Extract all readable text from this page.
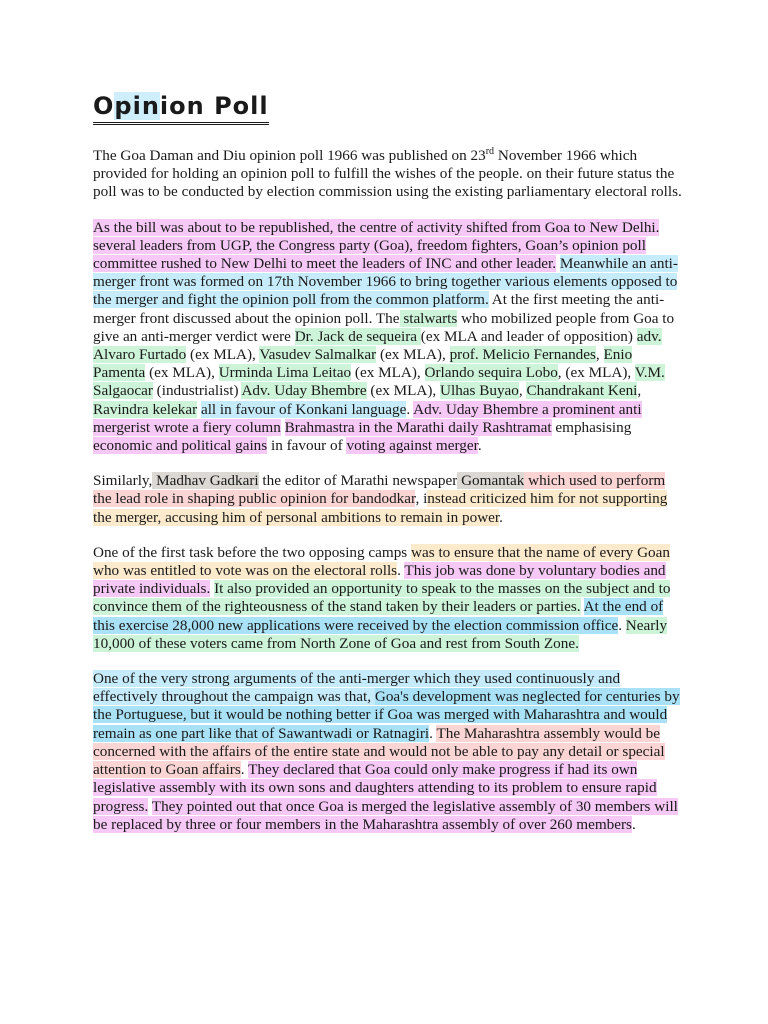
Opinion Poll

The Goa Daman and Diu opinion poll 1966 was published on 23rd November 1966 which provided for holding an opinion poll to fulfill the wishes of the people. on their future status the poll was to be conducted by election commission using the existing parliamentary electoral rolls.

As the bill was about to be republished, the centre of activity shifted from Goa to New Delhi. several leaders from UGP, the Congress party (Goa), freedom fighters, Goan’s opinion poll committee rushed to New Delhi to meet the leaders of INC and other leader. Meanwhile an anti-merger front was formed on 17th November 1966 to bring together various elements opposed to the merger and fight the opinion poll from the common platform. At the first meeting the anti-merger front discussed about the opinion poll. The stalwarts who mobilized people from Goa to give an anti-merger verdict were Dr. Jack de sequeira (ex MLA and leader of opposition) adv. Alvaro Furtado (ex MLA), Vasudev Salmalkar (ex MLA), prof. Melicio Fernandes, Enio Pamenta (ex MLA), Urminda Lima Leitao (ex MLA), Orlando sequira Lobo, (ex MLA), V.M. Salgaocar (industrialist) Adv. Uday Bhembre (ex MLA), Ulhas Buyao, Chandrakant Keni, Ravindra kelekar all in favour of Konkani language. Adv. Uday Bhembre a prominent anti mergerist wrote a fiery column Brahmastra in the Marathi daily Rashtramat emphasising economic and political gains in favour of voting against merger.

Similarly, Madhav Gadkari the editor of Marathi newspaper Gomantak which used to perform the lead role in shaping public opinion for bandodkar, instead criticized him for not supporting the merger, accusing him of personal ambitions to remain in power.

One of the first task before the two opposing camps was to ensure that the name of every Goan who was entitled to vote was on the electoral rolls. This job was done by voluntary bodies and private individuals. It also provided an opportunity to speak to the masses on the subject and to convince them of the righteousness of the stand taken by their leaders or parties. At the end of this exercise 28,000 new applications were received by the election commission office. Nearly 10,000 of these voters came from North Zone of Goa and rest from South Zone.

One of the very strong arguments of the anti-merger which they used continuously and effectively throughout the campaign was that, Goa's development was neglected for centuries by the Portuguese, but it would be nothing better if Goa was merged with Maharashtra and would remain as one part like that of Sawantwadi or Ratnagiri. The Maharashtra assembly would be concerned with the affairs of the entire state and would not be able to pay any detail or special attention to Goan affairs. They declared that Goa could only make progress if had its own legislative assembly with its own sons and daughters attending to its problem to ensure rapid progress. They pointed out that once Goa is merged the legislative assembly of 30 members will be replaced by three or four members in the Maharashtra assembly of over 260 members.
